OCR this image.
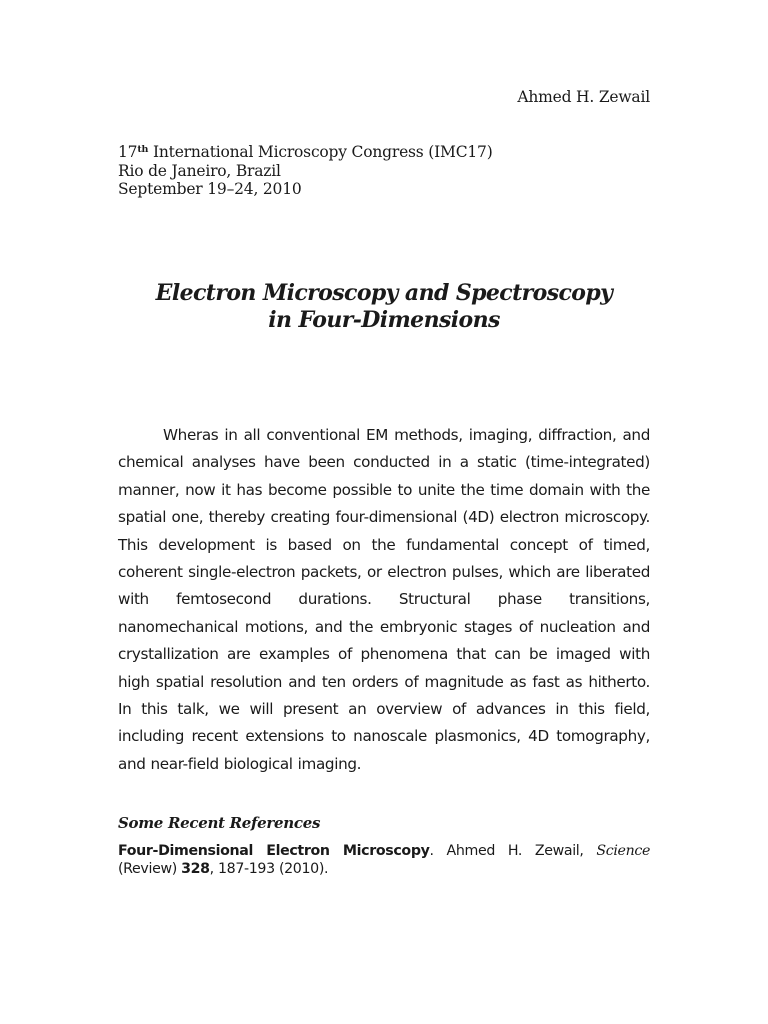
Ahmed H. Zewail
17th International Microscopy Congress (IMC17)
Rio de Janeiro, Brazil
September 19–24, 2010
Electron Microscopy and Spectroscopy
in Four-Dimensions

Wheras in all conventional EM methods, imaging, diffraction, and chemical analyses have been conducted in a static (time-integrated) manner, now it has become possible to unite the time domain with the spatial one, thereby creating four-dimensional (4D) electron microscopy. This development is based on the fundamental concept of timed, coherent single-electron packets, or electron pulses, which are liberated with femtosecond durations. Structural phase transitions, nanomechanical motions, and the embryonic stages of nucleation and crystallization are examples of phenomena that can be imaged with high spatial resolution and ten orders of magnitude as fast as hitherto. In this talk, we will present an overview of advances in this field, including recent extensions to nanoscale plasmonics, 4D tomography, and near-field biological imaging.

Some Recent References
Four-Dimensional Electron Microscopy. Ahmed H. Zewail, Science (Review) 328, 187-193 (2010).
